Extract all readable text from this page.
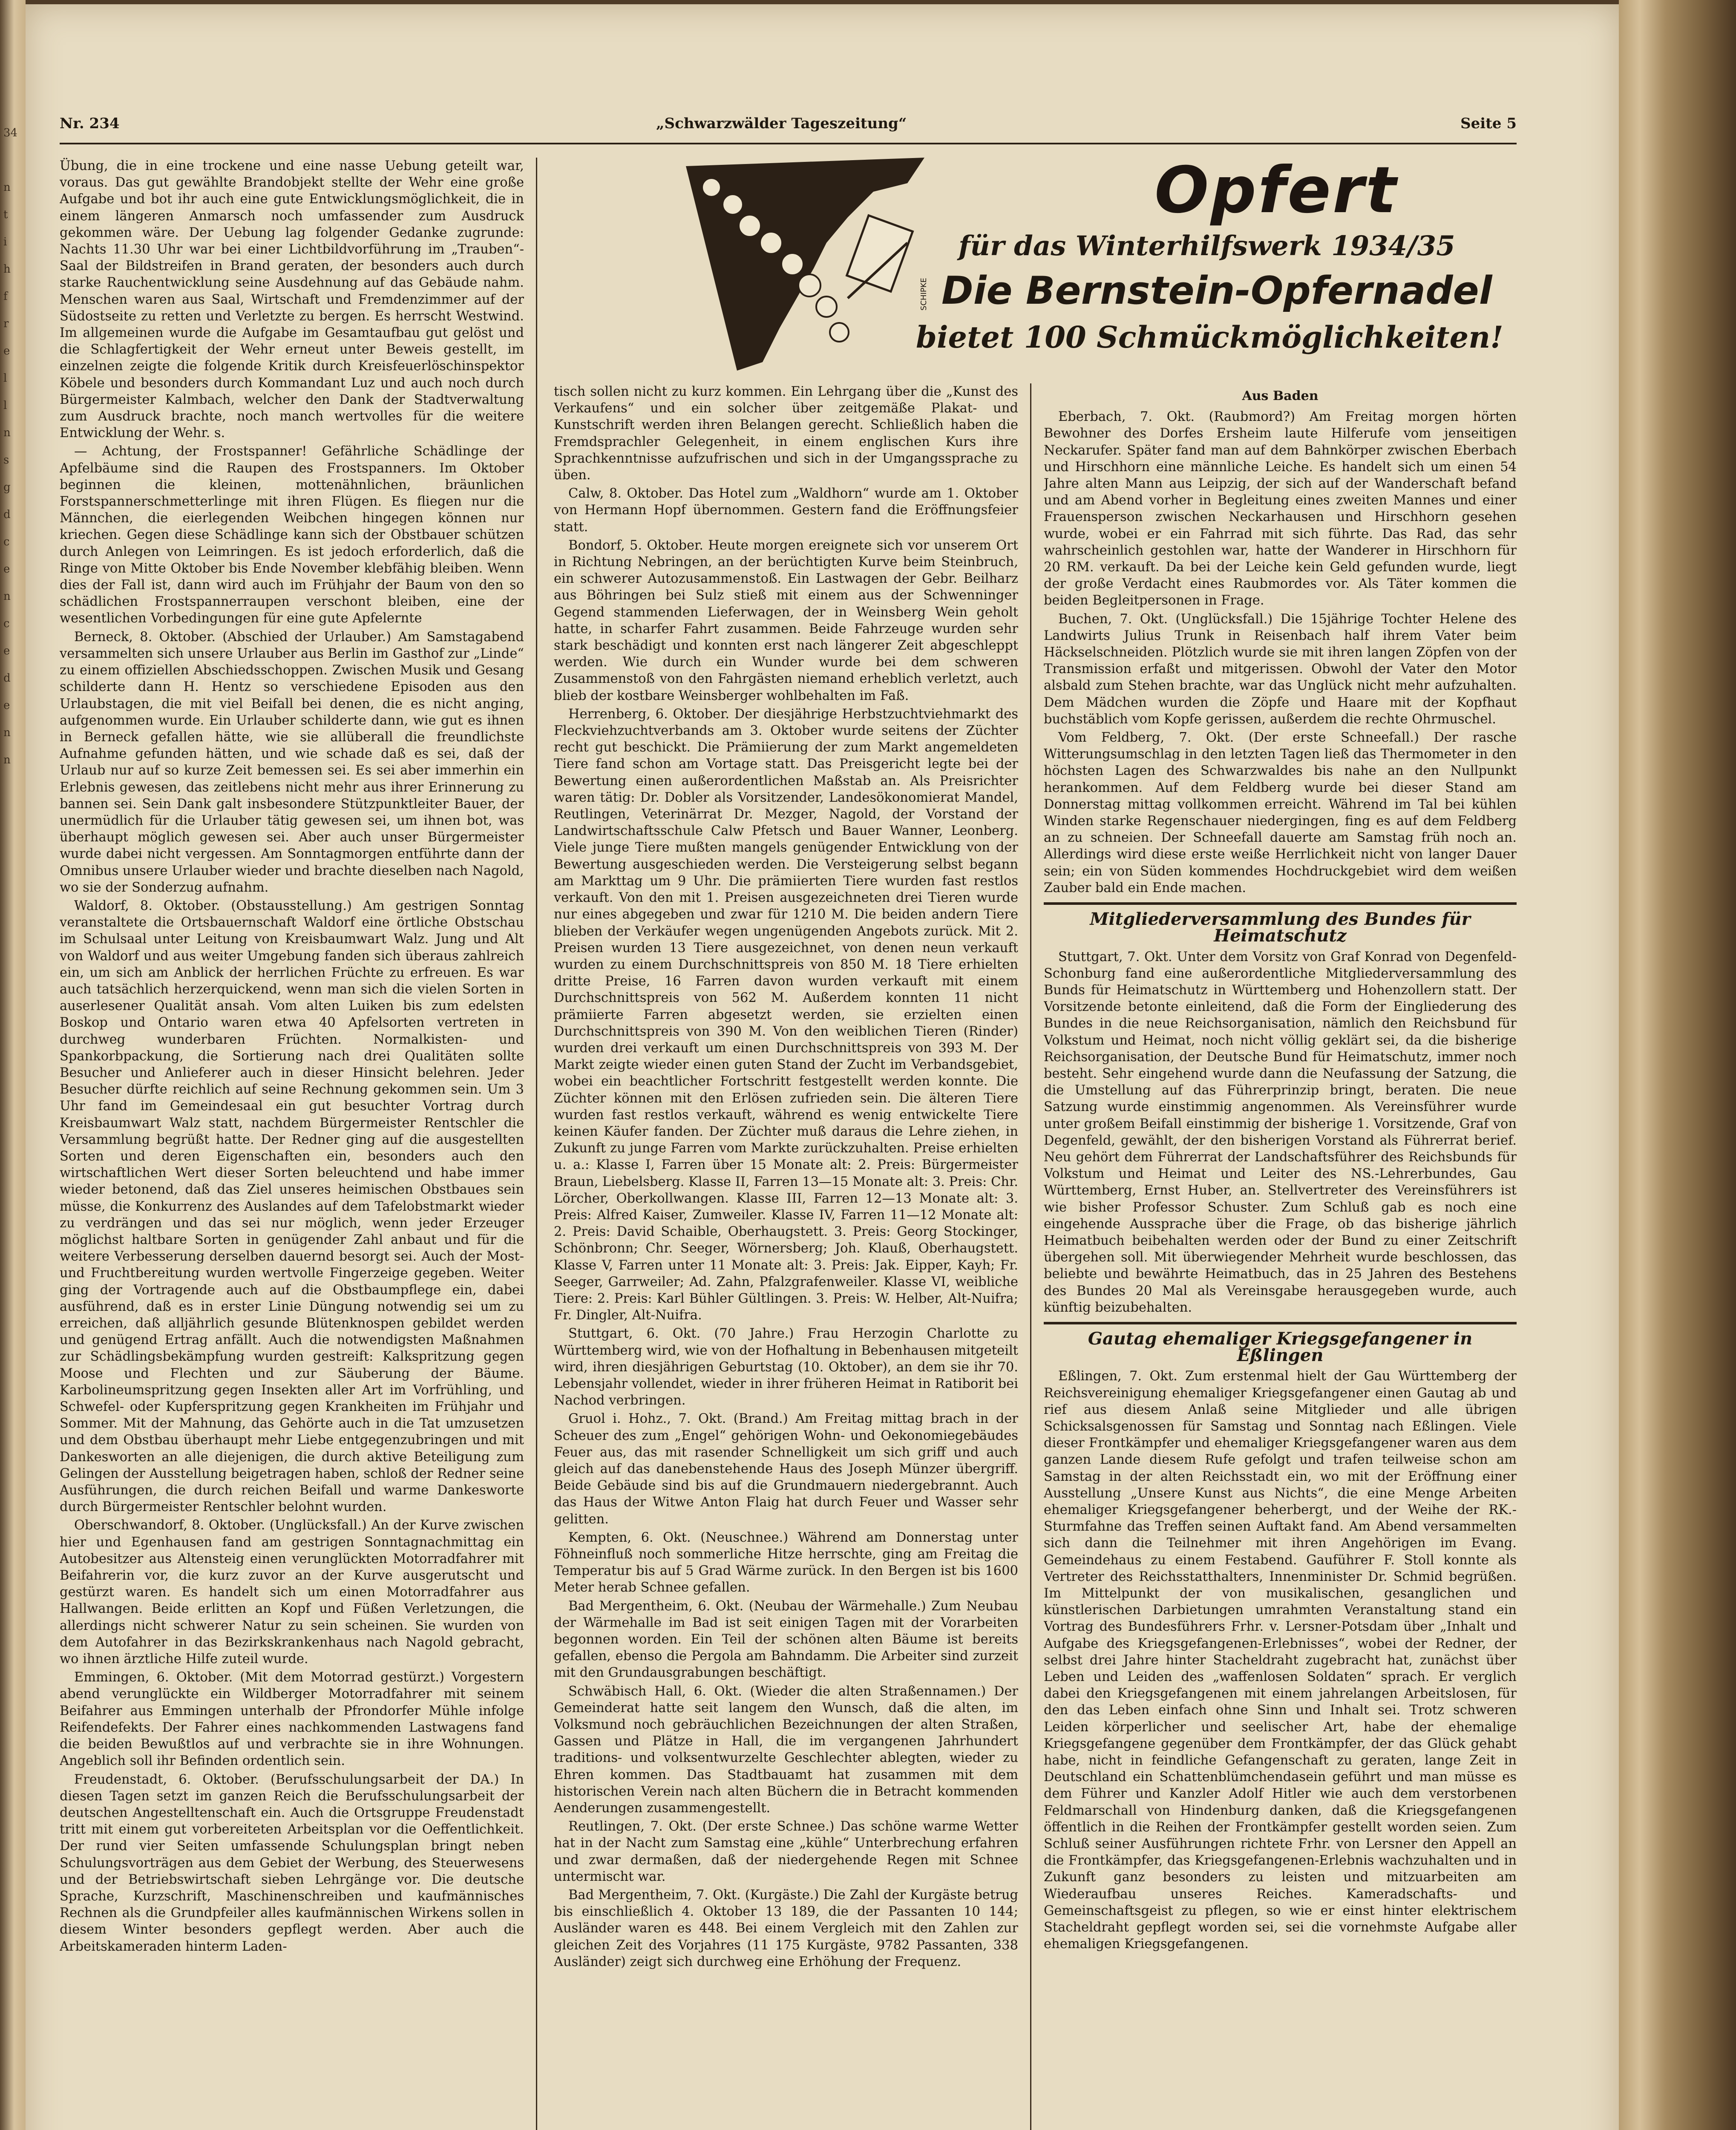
34

n
t
i
h
f
r
e
l
l
n
s
g
d
c
e
n
c
e
d
e
n
n
Nr. 234	„Schwarzwälder Tageszeitung“	Seite 5
SCHIPKE
Opfert
für das Winterhilfswerk 1934/35
Die Bernstein-Opfernadel
bietet 100 Schmückmöglichkeiten!

Übung, die in eine trockene und eine nasse Uebung geteilt war, voraus. Das gut gewählte Brandobjekt stellte der Wehr eine große Aufgabe und bot ihr auch eine gute Entwicklungsmöglichkeit, die in einem längeren Anmarsch noch umfassender zum Ausdruck gekommen wäre. Der Uebung lag folgender Gedanke zugrunde: Nachts 11.30 Uhr war bei einer Lichtbildvorführung im „Trauben“-Saal der Bildstreifen in Brand geraten, der besonders auch durch starke Rauchentwicklung seine Ausdehnung auf das Gebäude nahm. Menschen waren aus Saal, Wirtschaft und Fremdenzimmer auf der Südostseite zu retten und Verletzte zu bergen. Es herrscht Westwind. Im allgemeinen wurde die Aufgabe im Gesamtaufbau gut gelöst und die Schlagfertigkeit der Wehr erneut unter Beweis gestellt, im einzelnen zeigte die folgende Kritik durch Kreisfeuerlöschinspektor Köbele und besonders durch Kommandant Luz und auch noch durch Bürgermeister Kalmbach, welcher den Dank der Stadtverwaltung zum Ausdruck brachte, noch manch wertvolles für die weitere Entwicklung der Wehr. s.

— Achtung, der Frostspanner! Gefährliche Schädlinge der Apfelbäume sind die Raupen des Frostspanners. Im Oktober beginnen die kleinen, mottenähnlichen, bräunlichen Forstspannerschmetterlinge mit ihren Flügen. Es fliegen nur die Männchen, die eierlegenden Weibchen hingegen können nur kriechen. Gegen diese Schädlinge kann sich der Obstbauer schützen durch Anlegen von Leimringen. Es ist jedoch erforderlich, daß die Ringe von Mitte Oktober bis Ende November klebfähig bleiben. Wenn dies der Fall ist, dann wird auch im Frühjahr der Baum von den so schädlichen Frostspannerraupen verschont bleiben, eine der wesentlichen Vorbedingungen für eine gute Apfelernte

Berneck, 8. Oktober. (Abschied der Urlauber.) Am Samstagabend versammelten sich unsere Urlauber aus Berlin im Gasthof zur „Linde“ zu einem offiziellen Abschiedsschoppen. Zwischen Musik und Gesang schilderte dann H. Hentz so verschiedene Episoden aus den Urlaubstagen, die mit viel Beifall bei denen, die es nicht anging, aufgenommen wurde. Ein Urlauber schilderte dann, wie gut es ihnen in Berneck gefallen hätte, wie sie allüberall die freundlichste Aufnahme gefunden hätten, und wie schade daß es sei, daß der Urlaub nur auf so kurze Zeit bemessen sei. Es sei aber immerhin ein Erlebnis gewesen, das zeitlebens nicht mehr aus ihrer Erinnerung zu bannen sei. Sein Dank galt insbesondere Stützpunktleiter Bauer, der unermüdlich für die Urlauber tätig gewesen sei, um ihnen bot, was überhaupt möglich gewesen sei. Aber auch unser Bürgermeister wurde dabei nicht vergessen. Am Sonntagmorgen entführte dann der Omnibus unsere Urlauber wieder und brachte dieselben nach Nagold, wo sie der Sonderzug aufnahm.

Waldorf, 8. Oktober. (Obstausstellung.) Am gestrigen Sonntag veranstaltete die Ortsbauernschaft Waldorf eine örtliche Obstschau im Schulsaal unter Leitung von Kreisbaumwart Walz. Jung und Alt von Waldorf und aus weiter Umgebung fanden sich überaus zahlreich ein, um sich am Anblick der herrlichen Früchte zu erfreuen. Es war auch tatsächlich herzerquickend, wenn man sich die vielen Sorten in auserlesener Qualität ansah. Vom alten Luiken bis zum edelsten Boskop und Ontario waren etwa 40 Apfelsorten vertreten in durchweg wunderbaren Früchten. Normalkisten- und Spankorbpackung, die Sortierung nach drei Qualitäten sollte Besucher und Anlieferer auch in dieser Hinsicht belehren. Jeder Besucher dürfte reichlich auf seine Rechnung gekommen sein. Um 3 Uhr fand im Gemeindesaal ein gut besuchter Vortrag durch Kreisbaumwart Walz statt, nachdem Bürgermeister Rentschler die Versammlung begrüßt hatte. Der Redner ging auf die ausgestellten Sorten und deren Eigenschaften ein, besonders auch den wirtschaftlichen Wert dieser Sorten beleuchtend und habe immer wieder betonend, daß das Ziel unseres heimischen Obstbaues sein müsse, die Konkurrenz des Auslandes auf dem Tafelobstmarkt wieder zu verdrängen und das sei nur möglich, wenn jeder Erzeuger möglichst haltbare Sorten in genügender Zahl anbaut und für die weitere Verbesserung derselben dauernd besorgt sei. Auch der Most- und Fruchtbereitung wurden wertvolle Fingerzeige gegeben. Weiter ging der Vortragende auch auf die Obstbaumpflege ein, dabei ausführend, daß es in erster Linie Düngung notwendig sei um zu erreichen, daß alljährlich gesunde Blütenknospen gebildet werden und genügend Ertrag anfällt. Auch die notwendigsten Maßnahmen zur Schädlingsbekämpfung wurden gestreift: Kalkspritzung gegen Moose und Flechten und zur Säuberung der Bäume. Karbolineumspritzung gegen Insekten aller Art im Vorfrühling, und Schwefel- oder Kupferspritzung gegen Krankheiten im Frühjahr und Sommer. Mit der Mahnung, das Gehörte auch in die Tat umzusetzen und dem Obstbau überhaupt mehr Liebe entgegenzubringen und mit Dankesworten an alle diejenigen, die durch aktive Beteiligung zum Gelingen der Ausstellung beigetragen haben, schloß der Redner seine Ausführungen, die durch reichen Beifall und warme Dankesworte durch Bürgermeister Rentschler belohnt wurden.

Oberschwandorf, 8. Oktober. (Unglücksfall.) An der Kurve zwischen hier und Egenhausen fand am gestrigen Sonntagnachmittag ein Autobesitzer aus Altensteig einen verunglückten Motorradfahrer mit Beifahrerin vor, die kurz zuvor an der Kurve ausgerutscht und gestürzt waren. Es handelt sich um einen Motorradfahrer aus Hallwangen. Beide erlitten an Kopf und Füßen Verletzungen, die allerdings nicht schwerer Natur zu sein scheinen. Sie wurden von dem Autofahrer in das Bezirkskrankenhaus nach Nagold gebracht, wo ihnen ärztliche Hilfe zuteil wurde.

Emmingen, 6. Oktober. (Mit dem Motorrad gestürzt.) Vorgestern abend verunglückte ein Wildberger Motorradfahrer mit seinem Beifahrer aus Emmingen unterhalb der Pfrondorfer Mühle infolge Reifendefekts. Der Fahrer eines nachkommenden Lastwagens fand die beiden Bewußtlos auf und verbrachte sie in ihre Wohnungen. Angeblich soll ihr Befinden ordentlich sein.

Freudenstadt, 6. Oktober. (Berufsschulungsarbeit der DA.) In diesen Tagen setzt im ganzen Reich die Berufsschulungsarbeit der deutschen Angestelltenschaft ein. Auch die Ortsgruppe Freudenstadt tritt mit einem gut vorbereiteten Arbeitsplan vor die Oeffentlichkeit. Der rund vier Seiten umfassende Schulungsplan bringt neben Schulungsvorträgen aus dem Gebiet der Werbung, des Steuerwesens und der Betriebswirtschaft sieben Lehrgänge vor. Die deutsche Sprache, Kurzschrift, Maschinenschreiben und kaufmännisches Rechnen als die Grundpfeiler alles kaufmännischen Wirkens sollen in diesem Winter besonders gepflegt werden. Aber auch die Arbeitskameraden hinterm Laden-

tisch sollen nicht zu kurz kommen. Ein Lehrgang über die „Kunst des Verkaufens“ und ein solcher über zeitgemäße Plakat- und Kunstschrift werden ihren Belangen gerecht. Schließlich haben die Fremdsprachler Gelegenheit, in einem englischen Kurs ihre Sprachkenntnisse aufzufrischen und sich in der Umgangssprache zu üben.

Calw, 8. Oktober. Das Hotel zum „Waldhorn“ wurde am 1. Oktober von Hermann Hopf übernommen. Gestern fand die Eröffnungsfeier statt.

Bondorf, 5. Oktober. Heute morgen ereignete sich vor unserem Ort in Richtung Nebringen, an der berüchtigten Kurve beim Steinbruch, ein schwerer Autozusammenstoß. Ein Lastwagen der Gebr. Beilharz aus Böhringen bei Sulz stieß mit einem aus der Schwenninger Gegend stammenden Lieferwagen, der in Weinsberg Wein geholt hatte, in scharfer Fahrt zusammen. Beide Fahrzeuge wurden sehr stark beschädigt und konnten erst nach längerer Zeit abgeschleppt werden. Wie durch ein Wunder wurde bei dem schweren Zusammenstoß von den Fahrgästen niemand erheblich verletzt, auch blieb der kostbare Weinsberger wohlbehalten im Faß.

Herrenberg, 6. Oktober. Der diesjährige Herbstzuchtviehmarkt des Fleckviehzuchtverbands am 3. Oktober wurde seitens der Züchter recht gut beschickt. Die Prämiierung der zum Markt angemeldeten Tiere fand schon am Vortage statt. Das Preisgericht legte bei der Bewertung einen außerordentlichen Maßstab an. Als Preisrichter waren tätig: Dr. Dobler als Vorsitzender, Landesökonomierat Mandel, Reutlingen, Veterinärrat Dr. Mezger, Nagold, der Vorstand der Landwirtschaftsschule Calw Pfetsch und Bauer Wanner, Leonberg. Viele junge Tiere mußten mangels genügender Entwicklung von der Bewertung ausgeschieden werden. Die Versteigerung selbst begann am Markttag um 9 Uhr. Die prämiierten Tiere wurden fast restlos verkauft. Von den mit 1. Preisen ausgezeichneten drei Tieren wurde nur eines abgegeben und zwar für 1210 M. Die beiden andern Tiere blieben der Verkäufer wegen ungenügenden Angebots zurück. Mit 2. Preisen wurden 13 Tiere ausgezeichnet, von denen neun verkauft wurden zu einem Durchschnittspreis von 850 M. 18 Tiere erhielten dritte Preise, 16 Farren davon wurden verkauft mit einem Durchschnittspreis von 562 M. Außerdem konnten 11 nicht prämiierte Farren abgesetzt werden, sie erzielten einen Durchschnittspreis von 390 M. Von den weiblichen Tieren (Rinder) wurden drei verkauft um einen Durchschnittspreis von 393 M. Der Markt zeigte wieder einen guten Stand der Zucht im Verbandsgebiet, wobei ein beachtlicher Fortschritt festgestellt werden konnte. Die Züchter können mit den Erlösen zufrieden sein. Die älteren Tiere wurden fast restlos verkauft, während es wenig entwickelte Tiere keinen Käufer fanden. Der Züchter muß daraus die Lehre ziehen, in Zukunft zu junge Farren vom Markte zurückzuhalten. Preise erhielten u. a.: Klasse I, Farren über 15 Monate alt: 2. Preis: Bürgermeister Braun, Liebelsberg. Klasse II, Farren 13—15 Monate alt: 3. Preis: Chr. Lörcher, Oberkollwangen. Klasse III, Farren 12—13 Monate alt: 3. Preis: Alfred Kaiser, Zumweiler. Klasse IV, Farren 11—12 Monate alt: 2. Preis: David Schaible, Oberhaugstett. 3. Preis: Georg Stockinger, Schönbronn; Chr. Seeger, Wörnersberg; Joh. Klauß, Oberhaugstett. Klasse V, Farren unter 11 Monate alt: 3. Preis: Jak. Eipper, Kayh; Fr. Seeger, Garrweiler; Ad. Zahn, Pfalzgrafenweiler. Klasse VI, weibliche Tiere: 2. Preis: Karl Bühler Gültlingen. 3. Preis: W. Helber, Alt-Nuifra; Fr. Dingler, Alt-Nuifra.

Stuttgart, 6. Okt. (70 Jahre.) Frau Herzogin Charlotte zu Württemberg wird, wie von der Hofhaltung in Bebenhausen mitgeteilt wird, ihren diesjährigen Geburtstag (10. Oktober), an dem sie ihr 70. Lebensjahr vollendet, wieder in ihrer früheren Heimat in Ratiborit bei Nachod verbringen.

Gruol i. Hohz., 7. Okt. (Brand.) Am Freitag mittag brach in der Scheuer des zum „Engel“ gehörigen Wohn- und Oekonomiegebäudes Feuer aus, das mit rasender Schnelligkeit um sich griff und auch gleich auf das danebenstehende Haus des Joseph Münzer übergriff. Beide Gebäude sind bis auf die Grundmauern niedergebrannt. Auch das Haus der Witwe Anton Flaig hat durch Feuer und Wasser sehr gelitten.

Kempten, 6. Okt. (Neuschnee.) Während am Donnerstag unter Föhneinfluß noch sommerliche Hitze herrschte, ging am Freitag die Temperatur bis auf 5 Grad Wärme zurück. In den Bergen ist bis 1600 Meter herab Schnee gefallen.

Bad Mergentheim, 6. Okt. (Neubau der Wärmehalle.) Zum Neubau der Wärmehalle im Bad ist seit einigen Tagen mit der Vorarbeiten begonnen worden. Ein Teil der schönen alten Bäume ist bereits gefallen, ebenso die Pergola am Bahndamm. Die Arbeiter sind zurzeit mit den Grundausgrabungen beschäftigt.

Schwäbisch Hall, 6. Okt. (Wieder die alten Straßennamen.) Der Gemeinderat hatte seit langem den Wunsch, daß die alten, im Volksmund noch gebräuchlichen Bezeichnungen der alten Straßen, Gassen und Plätze in Hall, die im vergangenen Jahrhundert traditions- und volksentwurzelte Geschlechter ablegten, wieder zu Ehren kommen. Das Stadtbauamt hat zusammen mit dem historischen Verein nach alten Büchern die in Betracht kommenden Aenderungen zusammengestellt.

Reutlingen, 7. Okt. (Der erste Schnee.) Das schöne warme Wetter hat in der Nacht zum Samstag eine „kühle“ Unterbrechung erfahren und zwar dermaßen, daß der niedergehende Regen mit Schnee untermischt war.

Bad Mergentheim, 7. Okt. (Kurgäste.) Die Zahl der Kurgäste betrug bis einschließlich 4. Oktober 13 189, die der Passanten 10 144; Ausländer waren es 448. Bei einem Vergleich mit den Zahlen zur gleichen Zeit des Vorjahres (11 175 Kurgäste, 9782 Passanten, 338 Ausländer) zeigt sich durchweg eine Erhöhung der Frequenz.

Aus Baden

Eberbach, 7. Okt. (Raubmord?) Am Freitag morgen hörten Bewohner des Dorfes Ersheim laute Hilferufe vom jenseitigen Neckarufer. Später fand man auf dem Bahnkörper zwischen Eberbach und Hirschhorn eine männliche Leiche. Es handelt sich um einen 54 Jahre alten Mann aus Leipzig, der sich auf der Wanderschaft befand und am Abend vorher in Begleitung eines zweiten Mannes und einer Frauensperson zwischen Neckarhausen und Hirschhorn gesehen wurde, wobei er ein Fahrrad mit sich führte. Das Rad, das sehr wahrscheinlich gestohlen war, hatte der Wanderer in Hirschhorn für 20 RM. verkauft. Da bei der Leiche kein Geld gefunden wurde, liegt der große Verdacht eines Raubmordes vor. Als Täter kommen die beiden Begleitpersonen in Frage.

Buchen, 7. Okt. (Unglücksfall.) Die 15jährige Tochter Helene des Landwirts Julius Trunk in Reisenbach half ihrem Vater beim Häckselschneiden. Plötzlich wurde sie mit ihren langen Zöpfen von der Transmission erfaßt und mitgerissen. Obwohl der Vater den Motor alsbald zum Stehen brachte, war das Unglück nicht mehr aufzuhalten. Dem Mädchen wurden die Zöpfe und Haare mit der Kopfhaut buchstäblich vom Kopfe gerissen, außerdem die rechte Ohrmuschel.

Vom Feldberg, 7. Okt. (Der erste Schneefall.) Der rasche Witterungsumschlag in den letzten Tagen ließ das Thermometer in den höchsten Lagen des Schwarzwaldes bis nahe an den Nullpunkt herankommen. Auf dem Feldberg wurde bei dieser Stand am Donnerstag mittag vollkommen erreicht. Während im Tal bei kühlen Winden starke Regenschauer niedergingen, fing es auf dem Feldberg an zu schneien. Der Schneefall dauerte am Samstag früh noch an. Allerdings wird diese erste weiße Herrlichkeit nicht von langer Dauer sein; ein von Süden kommendes Hochdruckgebiet wird dem weißen Zauber bald ein Ende machen.

Mitgliederversammlung des Bundes für Heimatschutz

Stuttgart, 7. Okt. Unter dem Vorsitz von Graf Konrad von Degenfeld-Schonburg fand eine außerordentliche Mitgliederversammlung des Bunds für Heimatschutz in Württemberg und Hohenzollern statt. Der Vorsitzende betonte einleitend, daß die Form der Eingliederung des Bundes in die neue Reichsorganisation, nämlich den Reichsbund für Volkstum und Heimat, noch nicht völlig geklärt sei, da die bisherige Reichsorganisation, der Deutsche Bund für Heimatschutz, immer noch besteht. Sehr eingehend wurde dann die Neufassung der Satzung, die die Umstellung auf das Führerprinzip bringt, beraten. Die neue Satzung wurde einstimmig angenommen. Als Vereinsführer wurde unter großem Beifall einstimmig der bisherige 1. Vorsitzende, Graf von Degenfeld, gewählt, der den bisherigen Vorstand als Führerrat berief. Neu gehört dem Führerrat der Landschaftsführer des Reichsbunds für Volkstum und Heimat und Leiter des NS.-Lehrerbundes, Gau Württemberg, Ernst Huber, an. Stellvertreter des Vereinsführers ist wie bisher Professor Schuster. Zum Schluß gab es noch eine eingehende Aussprache über die Frage, ob das bisherige jährlich Heimatbuch beibehalten werden oder der Bund zu einer Zeitschrift übergehen soll. Mit überwiegender Mehrheit wurde beschlossen, das beliebte und bewährte Heimatbuch, das in 25 Jahren des Bestehens des Bundes 20 Mal als Vereinsgabe herausgegeben wurde, auch künftig beizubehalten.

Gautag ehemaliger Kriegsgefangener in Eßlingen

Eßlingen, 7. Okt. Zum erstenmal hielt der Gau Württemberg der Reichsvereinigung ehemaliger Kriegsgefangener einen Gautag ab und rief aus diesem Anlaß seine Mitglieder und alle übrigen Schicksalsgenossen für Samstag und Sonntag nach Eßlingen. Viele dieser Frontkämpfer und ehemaliger Kriegsgefangener waren aus dem ganzen Lande diesem Rufe gefolgt und trafen teilweise schon am Samstag in der alten Reichsstadt ein, wo mit der Eröffnung einer Ausstellung „Unsere Kunst aus Nichts“, die eine Menge Arbeiten ehemaliger Kriegsgefangener beherbergt, und der Weihe der RK.-Sturmfahne das Treffen seinen Auftakt fand. Am Abend versammelten sich dann die Teilnehmer mit ihren Angehörigen im Evang. Gemeindehaus zu einem Festabend. Gauführer F. Stoll konnte als Vertreter des Reichsstatthalters, Innenminister Dr. Schmid begrüßen. Im Mittelpunkt der von musikalischen, gesanglichen und künstlerischen Darbietungen umrahmten Veranstaltung stand ein Vortrag des Bundesführers Frhr. v. Lersner-Potsdam über „Inhalt und Aufgabe des Kriegsgefangenen-Erlebnisses“, wobei der Redner, der selbst drei Jahre hinter Stacheldraht zugebracht hat, zunächst über Leben und Leiden des „waffenlosen Soldaten“ sprach. Er verglich dabei den Kriegsgefangenen mit einem jahrelangen Arbeitslosen, für den das Leben einfach ohne Sinn und Inhalt sei. Trotz schweren Leiden körperlicher und seelischer Art, habe der ehemalige Kriegsgefangene gegenüber dem Frontkämpfer, der das Glück gehabt habe, nicht in feindliche Gefangenschaft zu geraten, lange Zeit in Deutschland ein Schattenblümchendasein geführt und man müsse es dem Führer und Kanzler Adolf Hitler wie auch dem verstorbenen Feldmarschall von Hindenburg danken, daß die Kriegsgefangenen öffentlich in die Reihen der Frontkämpfer gestellt worden seien. Zum Schluß seiner Ausführungen richtete Frhr. von Lersner den Appell an die Frontkämpfer, das Kriegsgefangenen-Erlebnis wachzuhalten und in Zukunft ganz besonders zu leisten und mitzuarbeiten am Wiederaufbau unseres Reiches. Kameradschafts- und Gemeinschaftsgeist zu pflegen, so wie er einst hinter elektrischem Stacheldraht gepflegt worden sei, sei die vornehmste Aufgabe aller ehemaligen Kriegsgefangenen.
